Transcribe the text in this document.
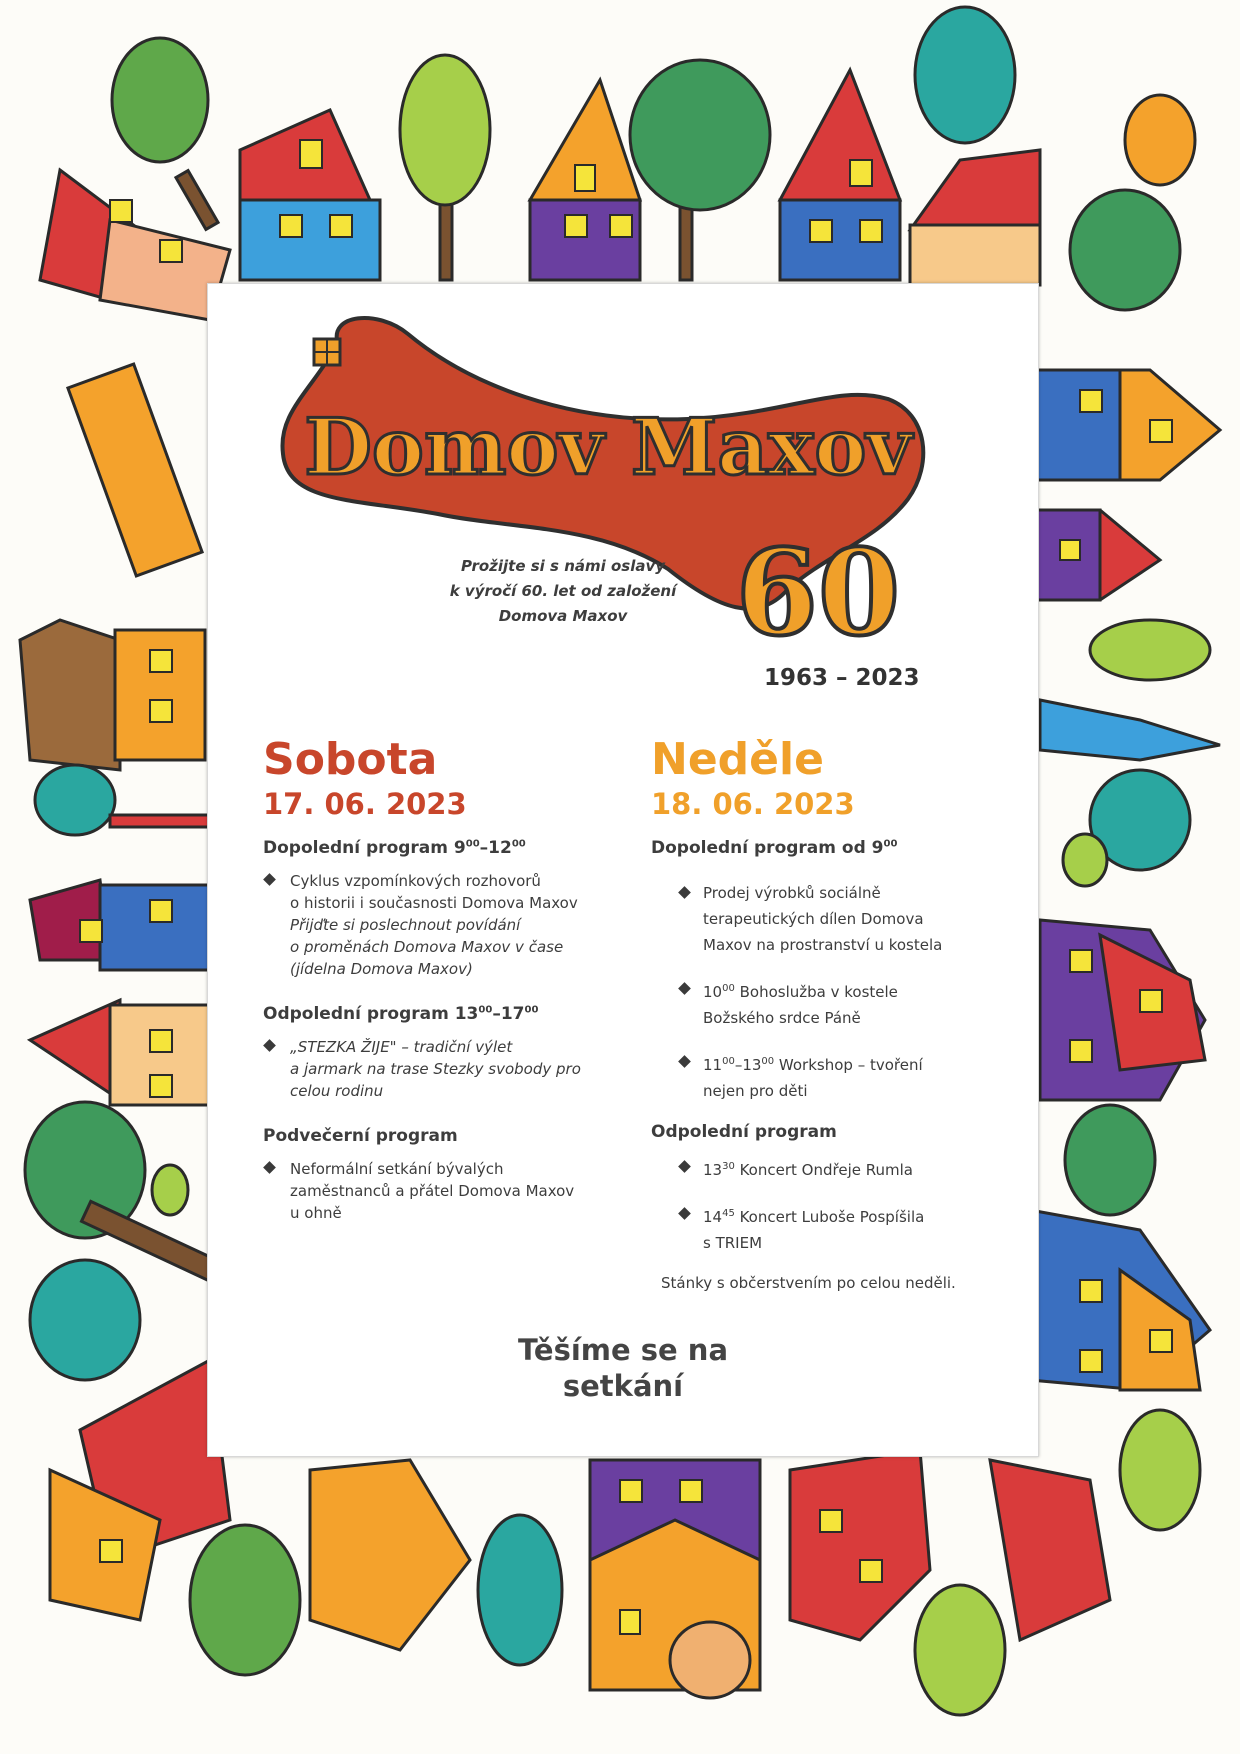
Domov Maxov
60
Prožijte si s námi oslavy
k výročí 60. let od založení
Domova Maxov
1963 – 2023
Sobota
17. 06. 2023
Dopolední program $9^{00}-12^{00}$
Cyklus vzpomínkových rozhovorů
o historii i současnosti Domova Maxov
Přijďte si poslechnout povídání
o proměnách Domova Maxov v čase
(jídelna Domova Maxov)
Odpolední program $13^{00}-17^{00}$
„STEZKA ŽIJE" – tradiční výlet
a jarmark na trase Stezky svobody pro
celou rodinu
Podvečerní program
Neformální setkání bývalých
zaměstnanců a přátel Domova Maxov
u ohně
Neděle
18. 06. 2023
Dopolední program od $9^{00}$
Prodej výrobků sociálně
terapeutických dílen Domova
Maxov na prostranství u kostela
$10^{00}$ Bohoslužba v kostele
Božského srdce Páně
$11^{00}-13^{00}$ Workshop – tvoření
nejen pro děti
Odpolední program
$13^{30}$ Koncert Ondřeje Rumla
$14^{45}$ Koncert Luboše Pospíšila
s TRIEM
Stánky s občerstvením po celou neděli.
Těšíme se na
setkání
